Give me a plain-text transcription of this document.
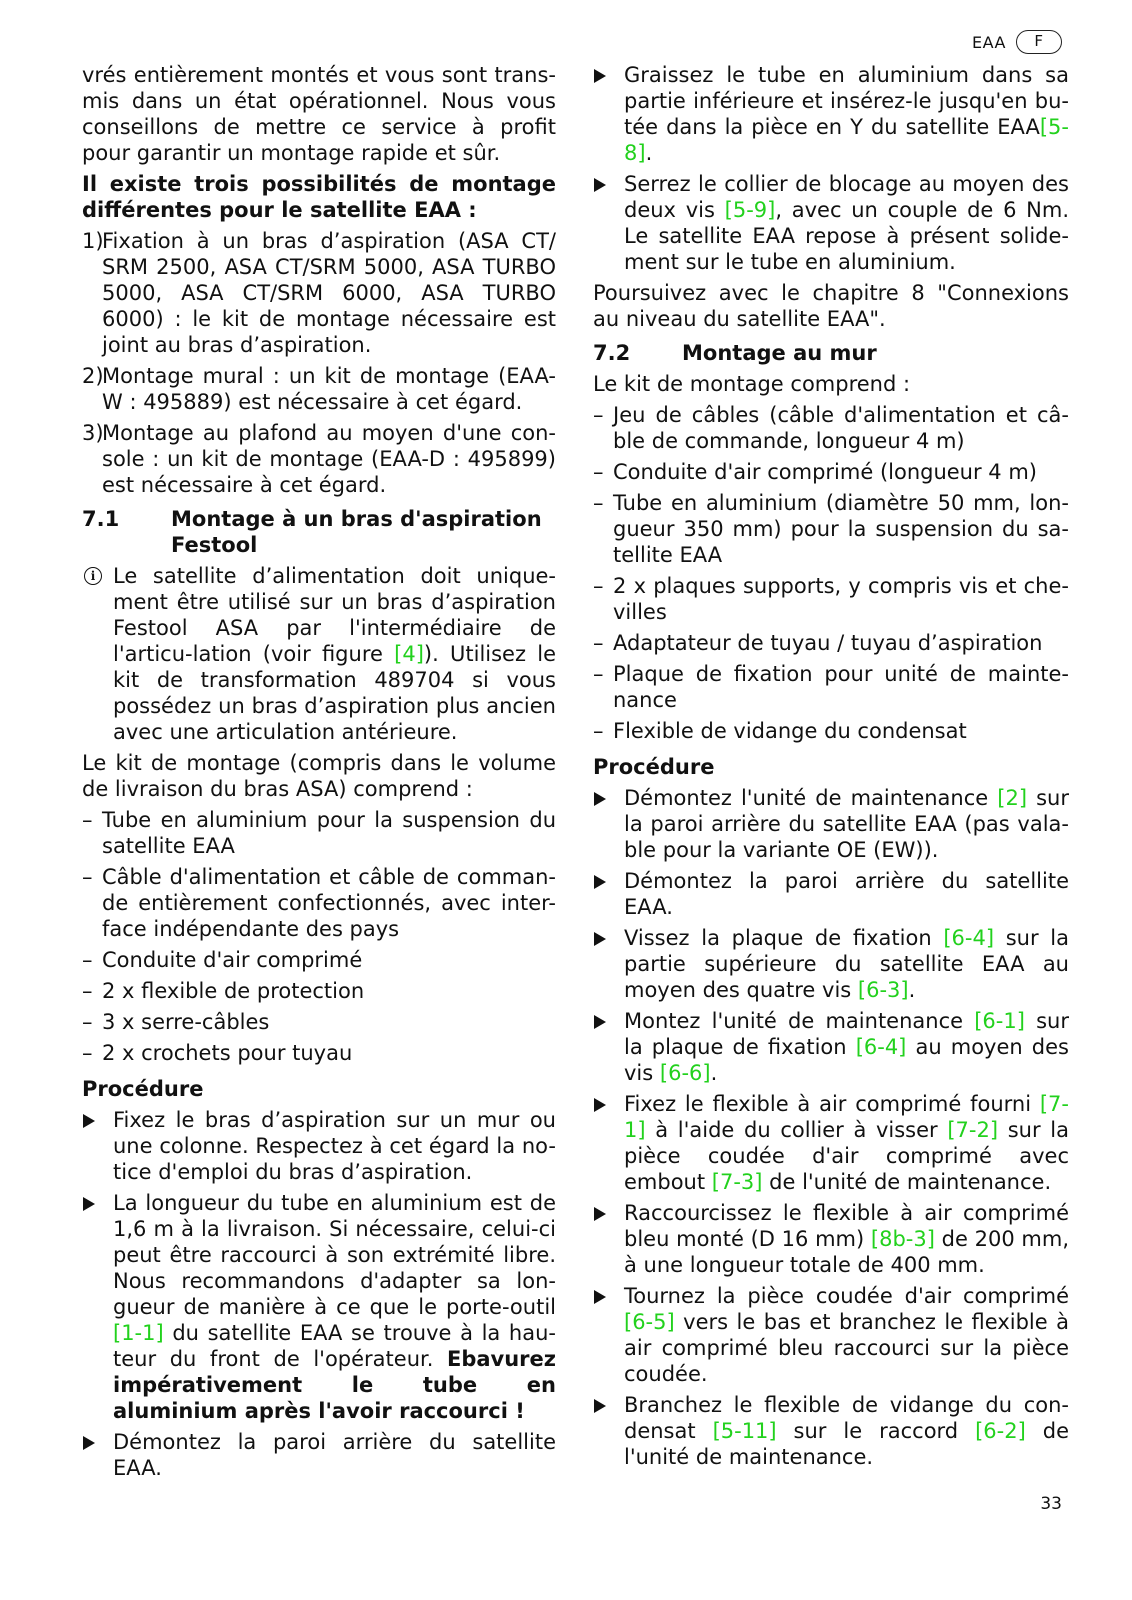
EAA	F

vrés entièrement montés et vous sont trans-mis dans un état opérationnel. Nous vous conseillons de mettre ce service à profit pour garantir un montage rapide et sûr.

Il existe trois possibilités de montage différentes pour le satellite EAA :

1)
Fixation à un bras d’aspiration (ASA CT/ SRM 2500, ASA CT/SRM 5000, ASA TURBO 5000, ASA CT/SRM 6000, ASA TURBO 6000) : le kit de montage nécessaire est joint au bras d’aspiration.
2)
Montage mural : un kit de montage (EAA-W : 495889) est nécessaire à cet égard.
3)
Montage au plafond au moyen d'une con-sole : un kit de montage (EAA-D : 495899) est nécessaire à cet égard.
7.1 Montage à un bras d'aspiration Festool
i Le satellite d’alimentation doit unique-ment être utilisé sur un bras d’aspiration Festool ASA par l'intermédiaire de l'articu-lation (voir figure [4]). Utilisez le kit de transformation 489704 si vous possédez un bras d’aspiration plus ancien avec une articulation antérieure.

Le kit de montage (compris dans le volume de livraison du bras ASA) comprend :

– Tube en aluminium pour la suspension du satellite EAA
– Câble d'alimentation et câble de comman-de entièrement confectionnés, avec inter-face indépendante des pays
– Conduite d'air comprimé
– 2 x flexible de protection
– 3 x serre-câbles
– 2 x crochets pour tuyau

Procédure

Fixez le bras d’aspiration sur un mur ou une colonne. Respectez à cet égard la no-tice d'emploi du bras d’aspiration.
La longueur du tube en aluminium est de 1,6 m à la livraison. Si nécessaire, celui-ci peut être raccourci à son extrémité libre. Nous recommandons d'adapter sa lon-gueur de manière à ce que le porte-outil [1-1] du satellite EAA se trouve à la hau-teur du front de l'opérateur. Ebavurez impérativement le tube en aluminium après l'avoir raccourci !
Démontez la paroi arrière du satellite EAA.
Graissez le tube en aluminium dans sa partie inférieure et insérez-le jusqu'en bu-tée dans la pièce en Y du satellite EAA[5-8].
Serrez le collier de blocage au moyen des deux vis [5-9], avec un couple de 6 Nm. Le satellite EAA repose à présent solide-ment sur le tube en aluminium.

Poursuivez avec le chapitre 8 "Connexions au niveau du satellite EAA".

7.2 Montage au mur

Le kit de montage comprend :

– Jeu de câbles (câble d'alimentation et câ-ble de commande, longueur 4 m)
– Conduite d'air comprimé (longueur 4 m)
– Tube en aluminium (diamètre 50 mm, lon-gueur 350 mm) pour la suspension du sa-tellite EAA
– 2 x plaques supports, y compris vis et che-villes
– Adaptateur de tuyau / tuyau d’aspiration
– Plaque de fixation pour unité de mainte-nance
– Flexible de vidange du condensat

Procédure

Démontez l'unité de maintenance [2] sur la paroi arrière du satellite EAA (pas vala-ble pour la variante OE (EW)).
Démontez la paroi arrière du satellite EAA.
Vissez la plaque de fixation [6-4] sur la partie supérieure du satellite EAA au moyen des quatre vis [6-3].
Montez l'unité de maintenance [6-1] sur la plaque de fixation [6-4] au moyen des vis [6-6].
Fixez le flexible à air comprimé fourni [7-1] à l'aide du collier à visser [7-2] sur la pièce coudée d'air comprimé avec embout [7-3] de l'unité de maintenance.
Raccourcissez le flexible à air comprimé bleu monté (D 16 mm) [8b-3] de 200 mm, à une longueur totale de 400 mm.
Tournez la pièce coudée d'air comprimé [6-5] vers le bas et branchez le flexible à air comprimé bleu raccourci sur la pièce coudée.
Branchez le flexible de vidange du con-densat [5-11] sur le raccord [6-2] de l'unité de maintenance.
33
